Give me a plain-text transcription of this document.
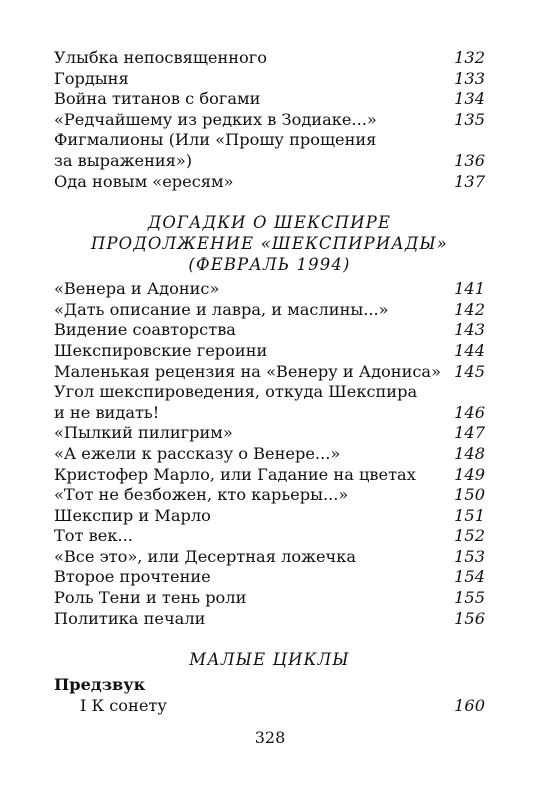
Улыбка непосвященного	132
Гордыня	133
Война титанов с богами	134
«Редчайшему из редких в Зодиаке...»	135
Фигмалионы (Или «Прошу прощения
за выражения»)	136
Ода новым «ересям»	137
ДОГАДКИ О ШЕКСПИРЕ
ПРОДОЛЖЕНИЕ «ШЕКСПИРИАДЫ»
(ФЕВРАЛЬ 1994)
«Венера и Адонис»	141
«Дать описание и лавра, и маслины...»	142
Видение соавторства	143
Шекспировские героини	144
Маленькая рецензия на «Венеру и Адониса» 145
Угол шекспироведения, откуда Шекспира
и не видать!	146
«Пылкий пилигрим»	147
«А ежели к рассказу о Венере...»	148
Кристофер Марло, или Гадание на цветах 149
«Тот не безбожен, кто карьеры...»	150
Шекспир и Марло	151
Тот век...	152
«Все это», или Десертная ложечка	153
Второе прочтение	154
Роль Тени и тень роли	155
Политика печали	156
МАЛЫЕ ЦИКЛЫ
Предзвук
I К сонету	160
328
